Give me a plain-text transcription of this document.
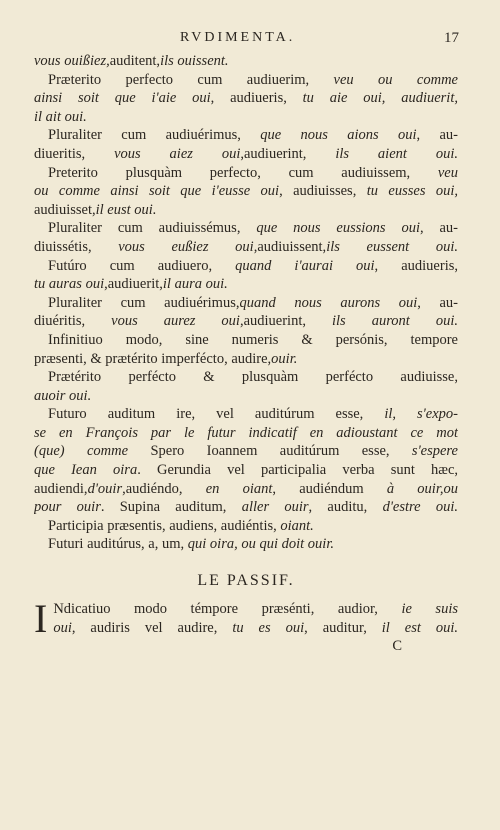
RVDIMENTA.	17
vous ouißiez,auditent,ils ouissent.
Præterito perfecto cum audiuerim, veu ou comme
ainsi soit que i'aie oui, audiueris, tu aie oui, audiuerit,
il ait oui.
Pluraliter cum audiuérimus, que nous aions oui, au-
diueritis, vous aiez oui,audiuerint, ils aient oui.
Preterito plusquàm perfecto, cum audiuissem, veu
ou comme ainsi soit que i'eusse oui, audiuisses, tu eusses oui,
audiuisset,il eust oui.
Pluraliter cum audiuissémus, que nous eussions oui, au-
diuissétis, vous eußiez oui,audiuissent,ils eussent oui.
Futúro cum audiuero, quand i'aurai oui, audiueris,
tu auras oui,audiuerit,il aura oui.
Pluraliter cum audiuérimus,quand nous aurons oui, au-
diuéritis, vous aurez oui,audiuerint, ils auront oui.
Infinitiuo modo, sine numeris & persónis, tempore
præsenti, & prætérito imperfécto, audire,ouir.
Prætérito perfécto & plusquàm perfécto audiuisse,
auoir oui.
Futuro auditum ire, vel auditúrum esse, il, s'expo-
se en François par le futur indicatif en adioustant ce mot
(que) comme Spero Ioannem auditúrum esse, s'espere
que Iean oira. Gerundia vel participalia verba sunt hæc,
audiendi,d'ouir,audiéndo, en oiant, audiéndum à ouir,ou
pour ouir. Supina auditum, aller ouir, auditu, d'estre oui.
Participia præsentis, audiens, audiéntis, oiant.
Futuri auditúrus, a, um, qui oira, ou qui doit ouir.
LE PASSIF.
I Ndicatiuo modo témpore præsénti, audior, ie suis
oui, audiris vel audire, tu es oui, auditur, il est oui.
C
